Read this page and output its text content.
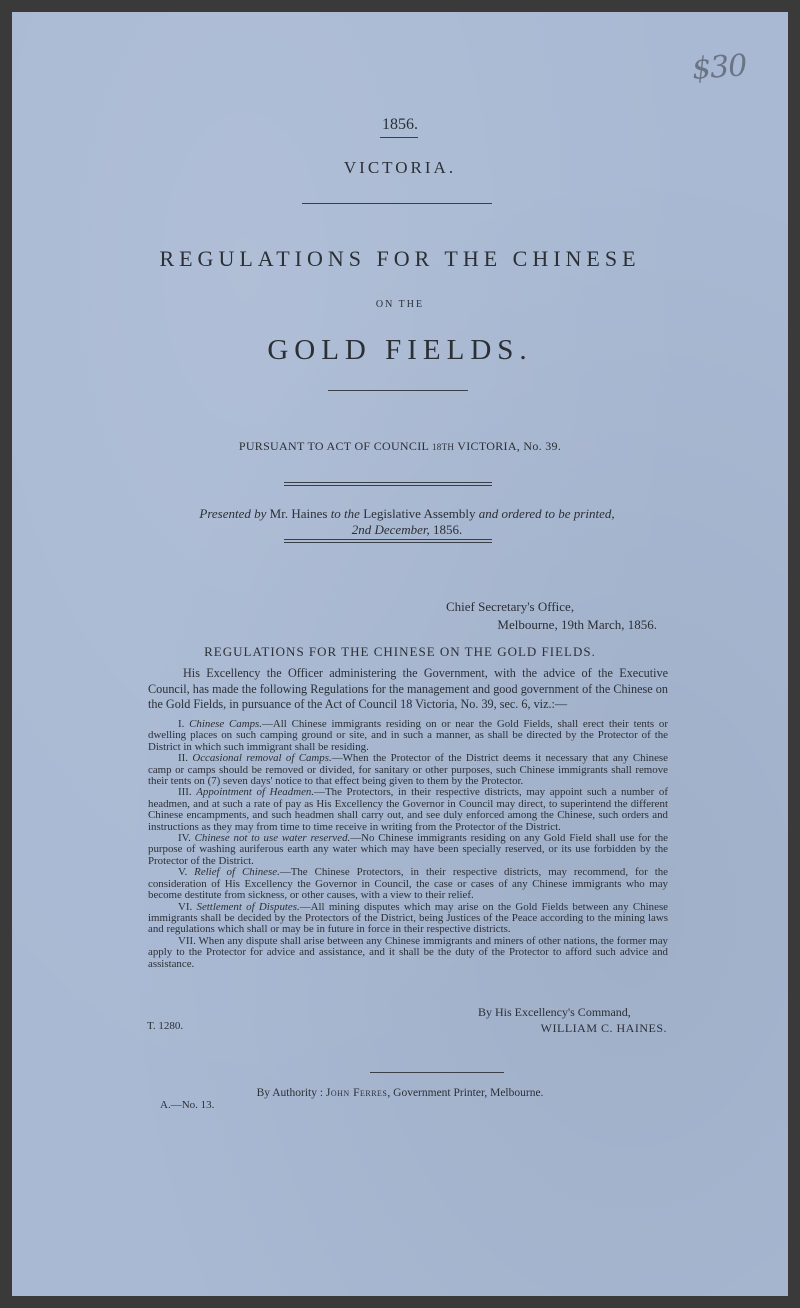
$30
1856.
VICTORIA.
REGULATIONS FOR THE CHINESE
ON THE
GOLD FIELDS.
PURSUANT TO ACT OF COUNCIL 18TH VICTORIA, No. 39.
Presented by Mr. Haines to the Legislative Assembly and ordered to be printed,
2nd December, 1856.
Chief Secretary's Office,
Melbourne, 19th March, 1856.
REGULATIONS FOR THE CHINESE ON THE GOLD FIELDS.
His Excellency the Officer administering the Government, with the advice of the Executive Council, has made the following Regulations for the management and good government of the Chinese on the Gold Fields, in pursuance of the Act of Council 18 Victoria, No. 39, sec. 6, viz.:—

I. Chinese Camps.—All Chinese immigrants residing on or near the Gold Fields, shall erect their tents or dwelling places on such camping ground or site, and in such a manner, as shall be directed by the Protector of the District in which such immigrant shall be residing.

II. Occasional removal of Camps.—When the Protector of the District deems it necessary that any Chinese camp or camps should be removed or divided, for sanitary or other purposes, such Chinese immigrants shall remove their tents on (7) seven days' notice to that effect being given to them by the Protector.

III. Appointment of Headmen.—The Protectors, in their respective districts, may appoint such a number of headmen, and at such a rate of pay as His Excellency the Governor in Council may direct, to superintend the different Chinese encampments, and such headmen shall carry out, and see duly enforced among the Chinese, such orders and instructions as they may from time to time receive in writing from the Protector of the District.

IV. Chinese not to use water reserved.—No Chinese immigrants residing on any Gold Field shall use for the purpose of washing auriferous earth any water which may have been specially reserved, or its use forbidden by the Protector of the District.

V. Relief of Chinese.—The Chinese Protectors, in their respective districts, may recommend, for the consideration of His Excellency the Governor in Council, the case or cases of any Chinese immigrants who may become destitute from sickness, or other causes, with a view to their relief.

VI. Settlement of Disputes.—All mining disputes which may arise on the Gold Fields between any Chinese immigrants shall be decided by the Protectors of the District, being Justices of the Peace according to the mining laws and regulations which shall or may be in future in force in their respective districts.

VII. When any dispute shall arise between any Chinese immigrants and miners of other nations, the former may apply to the Protector for advice and assistance, and it shall be the duty of the Protector to afford such advice and assistance.

By His Excellency's Command,
WILLIAM C. HAINES.
T. 1280.
By Authority : John Ferres, Government Printer, Melbourne.
A.—No. 13.
